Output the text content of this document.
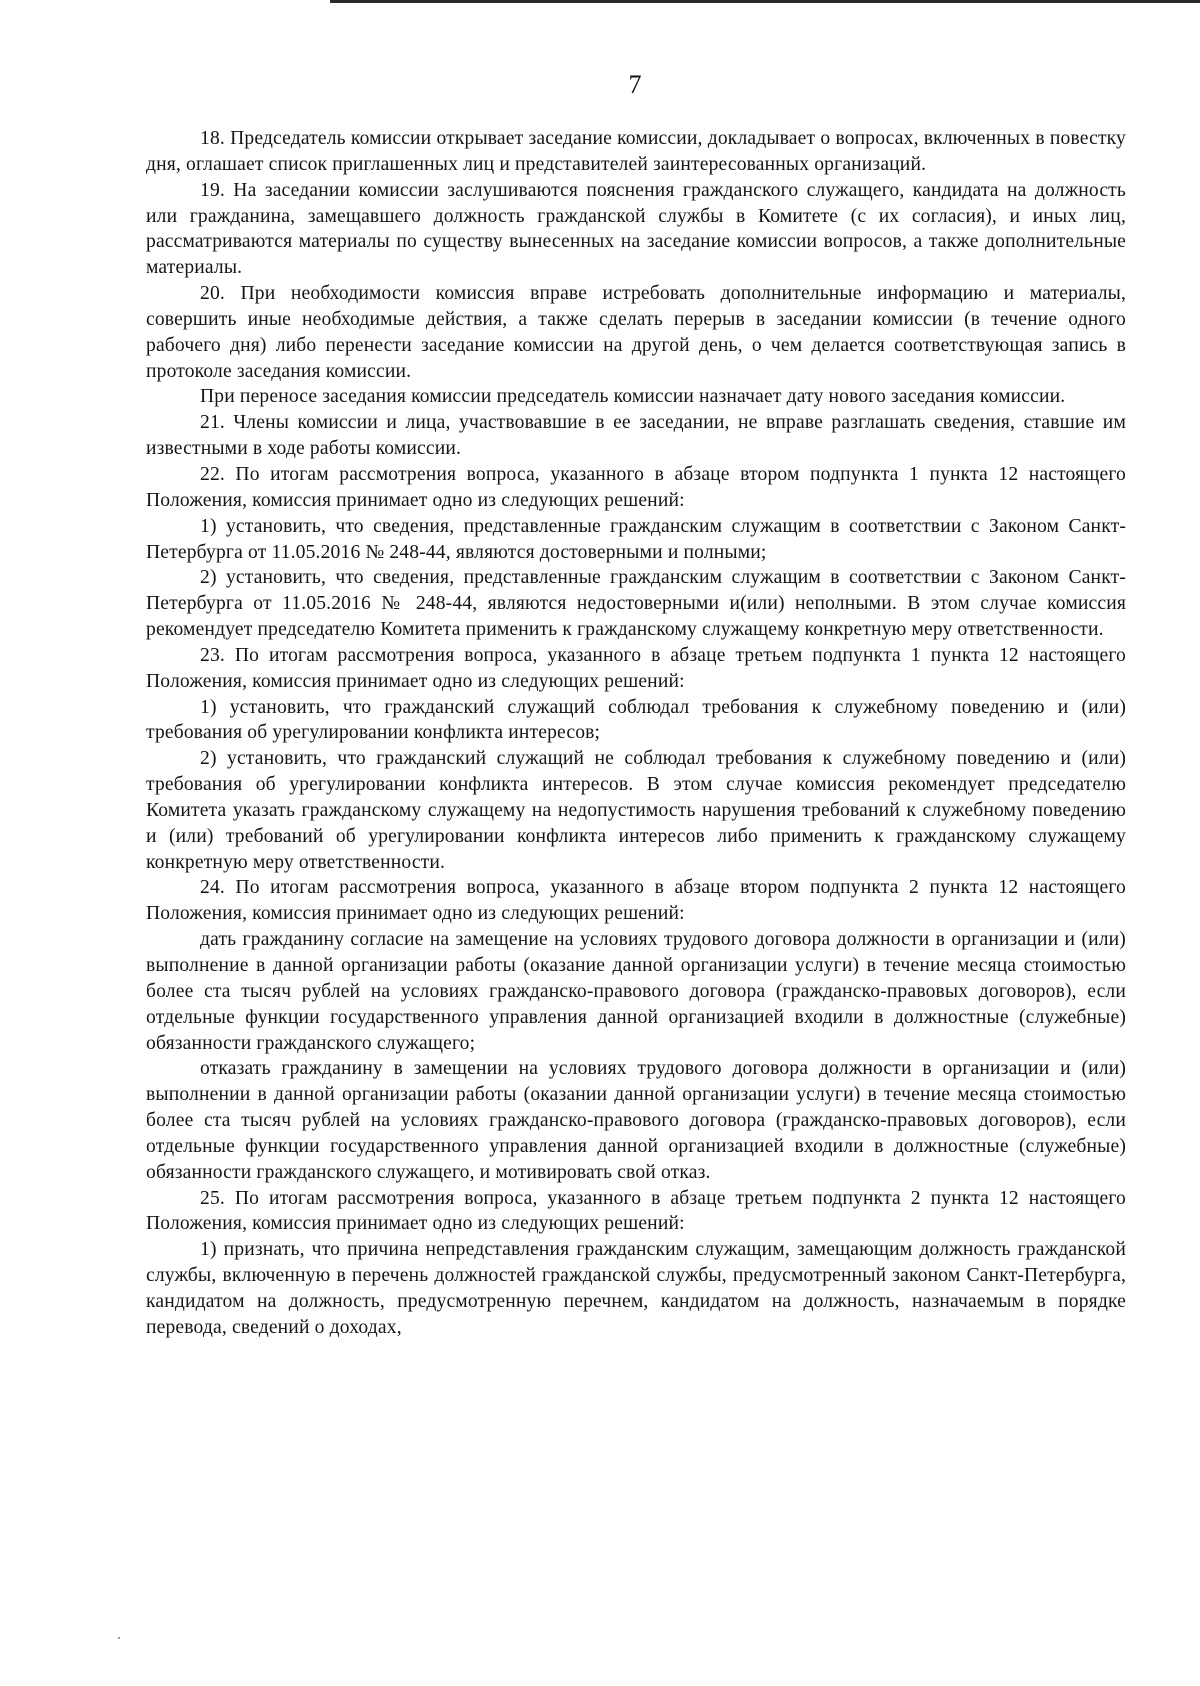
7

18. Председатель комиссии открывает заседание комиссии, докладывает о вопросах, включенных в повестку дня, оглашает список приглашенных лиц и представителей заинтересованных организаций.

19. На заседании комиссии заслушиваются пояснения гражданского служащего, кандидата на должность или гражданина, замещавшего должность гражданской службы в Комитете (с их согласия), и иных лиц, рассматриваются материалы по существу вынесенных на заседание комиссии вопросов, а также дополнительные материалы.

20. При необходимости комиссия вправе истребовать дополнительные информацию и материалы, совершить иные необходимые действия, а также сделать перерыв в заседании комиссии (в течение одного рабочего дня) либо перенести заседание комиссии на другой день, о чем делается соответствующая запись в протоколе заседания комиссии.

При переносе заседания комиссии председатель комиссии назначает дату нового заседания комиссии.

21. Члены комиссии и лица, участвовавшие в ее заседании, не вправе разглашать сведения, ставшие им известными в ходе работы комиссии.

22. По итогам рассмотрения вопроса, указанного в абзаце втором подпункта 1 пункта 12 настоящего Положения, комиссия принимает одно из следующих решений:

1) установить, что сведения, представленные гражданским служащим в соответствии с Законом Санкт-Петербурга от 11.05.2016 № 248-44, являются достоверными и полными;

2) установить, что сведения, представленные гражданским служащим в соответствии с Законом Санкт-Петербурга от 11.05.2016 № 248-44, являются недостоверными и(или) неполными. В этом случае комиссия рекомендует председателю Комитета применить к гражданскому служащему конкретную меру ответственности.

23. По итогам рассмотрения вопроса, указанного в абзаце третьем подпункта 1 пункта 12 настоящего Положения, комиссия принимает одно из следующих решений:

1) установить, что гражданский служащий соблюдал требования к служебному поведению и (или) требования об урегулировании конфликта интересов;

2) установить, что гражданский служащий не соблюдал требования к служебному поведению и (или) требования об урегулировании конфликта интересов. В этом случае комиссия рекомендует председателю Комитета указать гражданскому служащему на недопустимость нарушения требований к служебному поведению и (или) требований об урегулировании конфликта интересов либо применить к гражданскому служащему конкретную меру ответственности.

24. По итогам рассмотрения вопроса, указанного в абзаце втором подпункта 2 пункта 12 настоящего Положения, комиссия принимает одно из следующих решений:

дать гражданину согласие на замещение на условиях трудового договора должности в организации и (или) выполнение в данной организации работы (оказание данной организации услуги) в течение месяца стоимостью более ста тысяч рублей на условиях гражданско-правового договора (гражданско-правовых договоров), если отдельные функции государственного управления данной организацией входили в должностные (служебные) обязанности гражданского служащего;

отказать гражданину в замещении на условиях трудового договора должности в организации и (или) выполнении в данной организации работы (оказании данной организации услуги) в течение месяца стоимостью более ста тысяч рублей на условиях гражданско-правового договора (гражданско-правовых договоров), если отдельные функции государственного управления данной организацией входили в должностные (служебные) обязанности гражданского служащего, и мотивировать свой отказ.

25. По итогам рассмотрения вопроса, указанного в абзаце третьем подпункта 2 пункта 12 настоящего Положения, комиссия принимает одно из следующих решений:

1) признать, что причина непредставления гражданским служащим, замещающим должность гражданской службы, включенную в перечень должностей гражданской службы, предусмотренный законом Санкт-Петербурга, кандидатом на должность, предусмотренную перечнем, кандидатом на должность, назначаемым в порядке перевода, сведений о доходах,
